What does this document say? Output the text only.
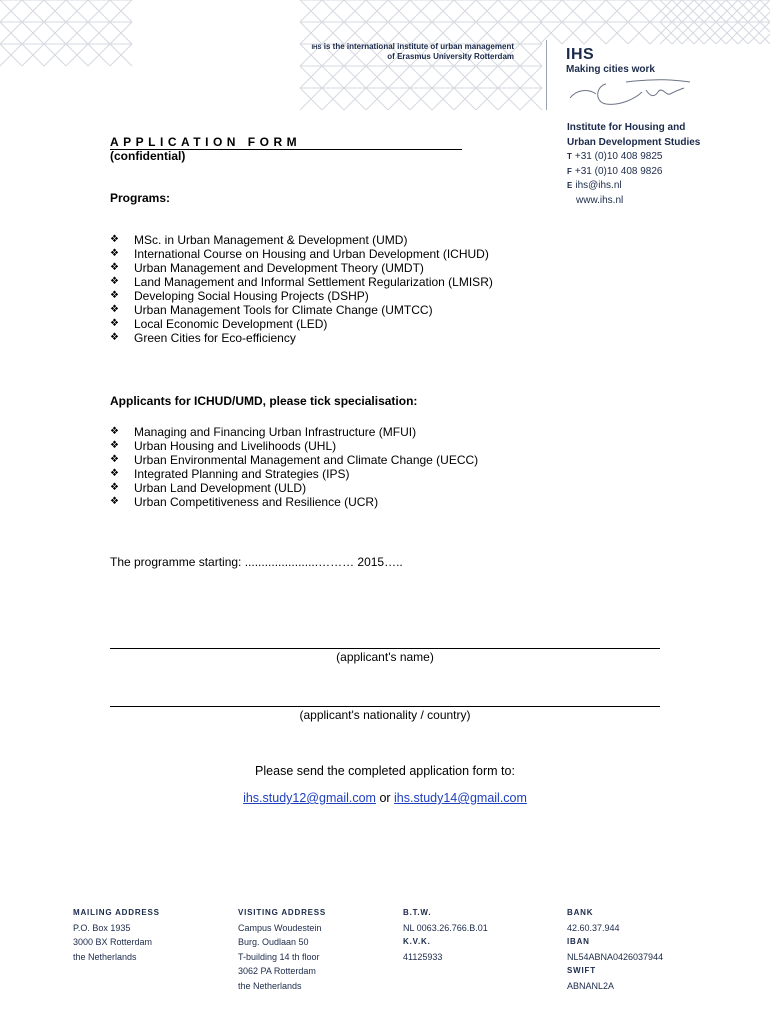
ihs is the international institute of urban management
of Erasmus University Rotterdam	IHS
Making cities work
Institute for Housing and
Urban Development Studies
T +31 (0)10 408 9825
F +31 (0)10 408 9826
E ihs@ihs.nl
www.ihs.nl
APPLICATION FORM
(confidential)
Programs:
❖	MSc. in Urban Management & Development (UMD)
❖	International Course on Housing and Urban Development (ICHUD)
❖	Urban Management and Development Theory (UMDT)
❖	Land Management and Informal Settlement Regularization (LMISR)
❖	Developing Social Housing Projects (DSHP)
❖	Urban Management Tools for Climate Change (UMTCC)
❖	Local Economic Development (LED)
❖	Green Cities for Eco-efficiency
Applicants for ICHUD/UMD, please tick specialisation:
❖	Managing and Financing Urban Infrastructure (MFUI)
❖	Urban Housing and Livelihoods (UHL)
❖	Urban Environmental Management and Climate Change (UECC)
❖	Integrated Planning and Strategies (IPS)
❖	Urban Land Development (ULD)
❖	Urban Competitiveness and Resilience (UCR)
The programme starting: ......................……… 2015…..
(applicant's name)
(applicant's nationality / country)
Please send the completed application form to:
ihs.study12@gmail.com or ihs.study14@gmail.com
MAILING ADDRESS
P.O. Box 1935
3000 BX Rotterdam
the Netherlands
VISITING ADDRESS
Campus Woudestein
Burg. Oudlaan 50
T-building 14 th floor
3062 PA Rotterdam
the Netherlands
B.T.W.
NL 0063.26.766.B.01
K.V.K.
41125933
BANK
42.60.37.944
IBAN
NL54ABNA0426037944
SWIFT
ABNANL2A
